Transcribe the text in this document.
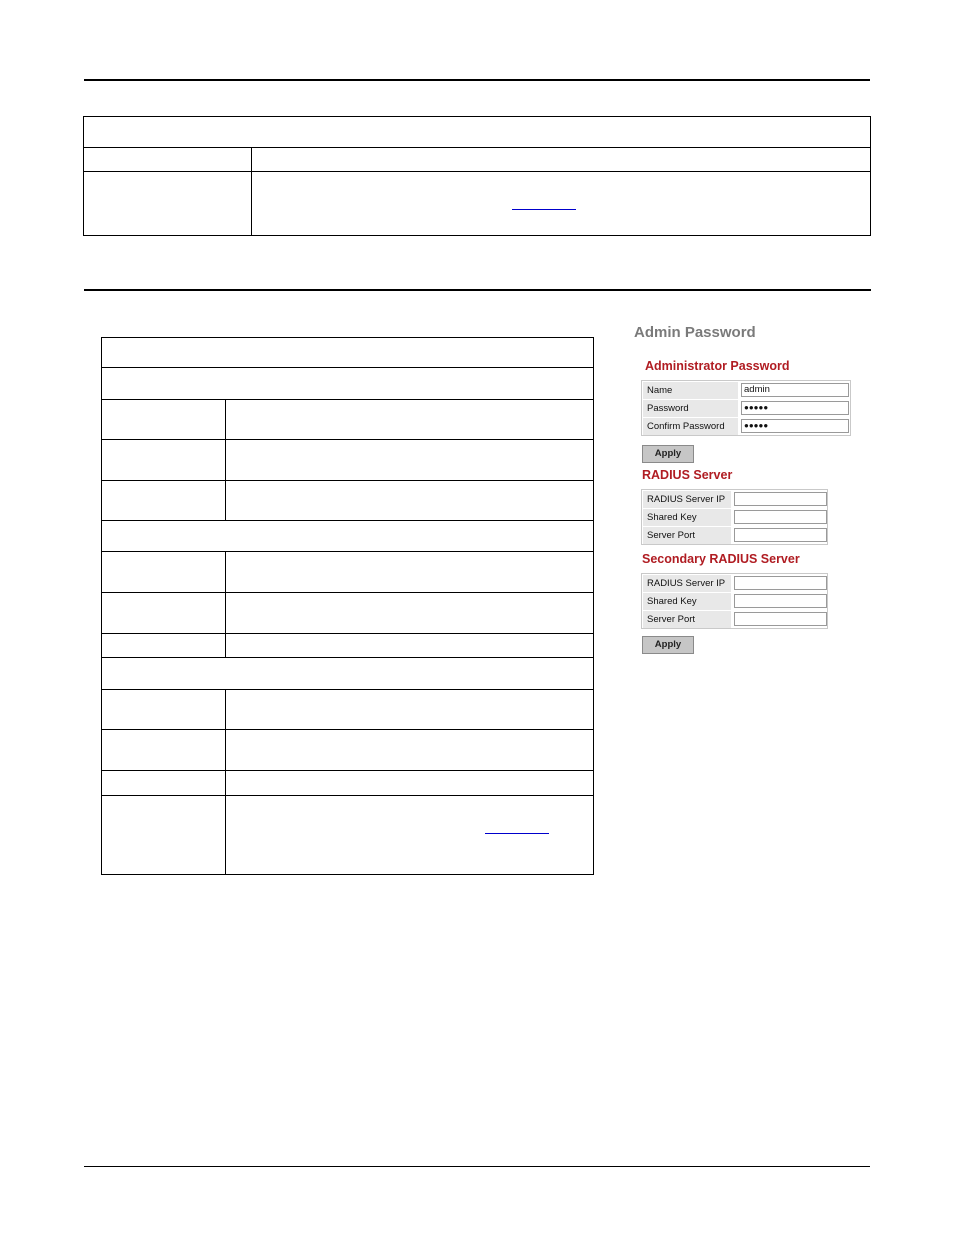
Admin Password
Administrator Password
Name	admin
Password	●●●●●
Confirm Password	●●●●●
Apply
RADIUS Server
RADIUS Server IP
Shared Key
Server Port
Secondary RADIUS Server
RADIUS Server IP
Shared Key
Server Port
Apply
